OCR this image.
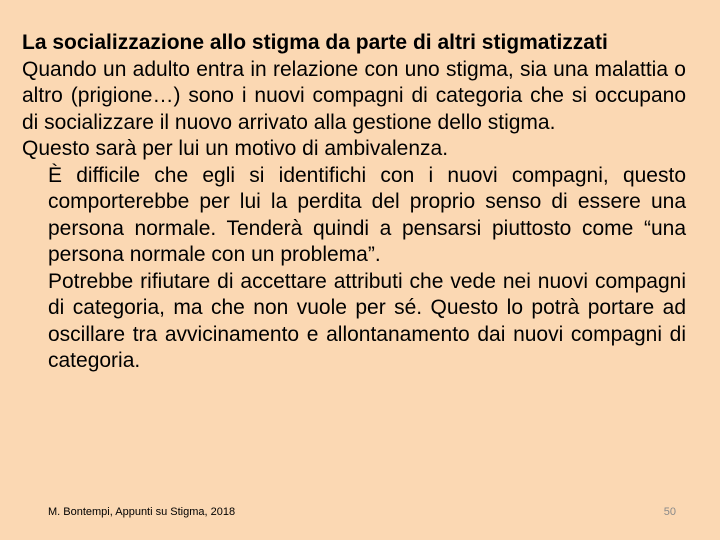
La socializzazione allo stigma da parte di altri stigmatizzati

Quando un adulto entra in relazione con uno stigma, sia una malattia o altro (prigione…) sono i nuovi compagni di categoria che si occupano di socializzare il nuovo arrivato alla gestione dello stigma.

Questo sarà per lui un motivo di ambivalenza.

È difficile che egli si identifichi con i nuovi compagni, questo comporterebbe per lui la perdita del proprio senso di essere una persona normale. Tenderà quindi a pensarsi piuttosto come “una persona normale con un problema”.

Potrebbe rifiutare di accettare attributi che vede nei nuovi compagni di categoria, ma che non vuole per sé. Questo lo potrà portare ad oscillare tra avvicinamento e allontanamento dai nuovi compagni di categoria.

M. Bontempi, Appunti su Stigma, 2018	50
